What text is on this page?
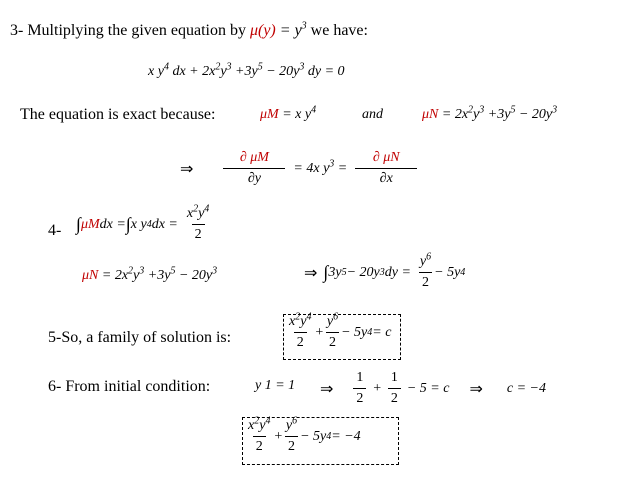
3- Multiplying the given equation by $\mu(y) = y^3$ we have:
x $y^4$ dx + $2x^2y^3 +3y^5 - 20y^3$ dy = 0
The equation is exact because:	μM = x $y^4$	and	$\mu N = 2x^2y^3 +3y^5 - 20y^3$
⇒ $\frac{\partial \mu M}{\partial y} = 4x$ $y^3 = \frac{\partial \mu N}{\partial x}$
4- ∫ μM dx = ∫ x y 4 dx = $\frac{x^2y^4}{2}$
$\mu N = 2x^2y^3 +3y^5 - 20y^3$	⇒ ∫ 3y 5 − 20y 3 dy = $\frac{y^6}{2} - 5y$ 4
5-So, a family of solution is:	$\frac{x^2y^4}{2} + \frac{y^6}{2} - 5y$ 4 = c
6- From initial condition:	y 1 = 1 ⇒ $\frac{1}{2} + \frac{1}{2} - 5 = c$ ⇒ c = −4
$\frac{x^2y^4}{2} + \frac{y^6}{2} - 5y$ 4 = −4
